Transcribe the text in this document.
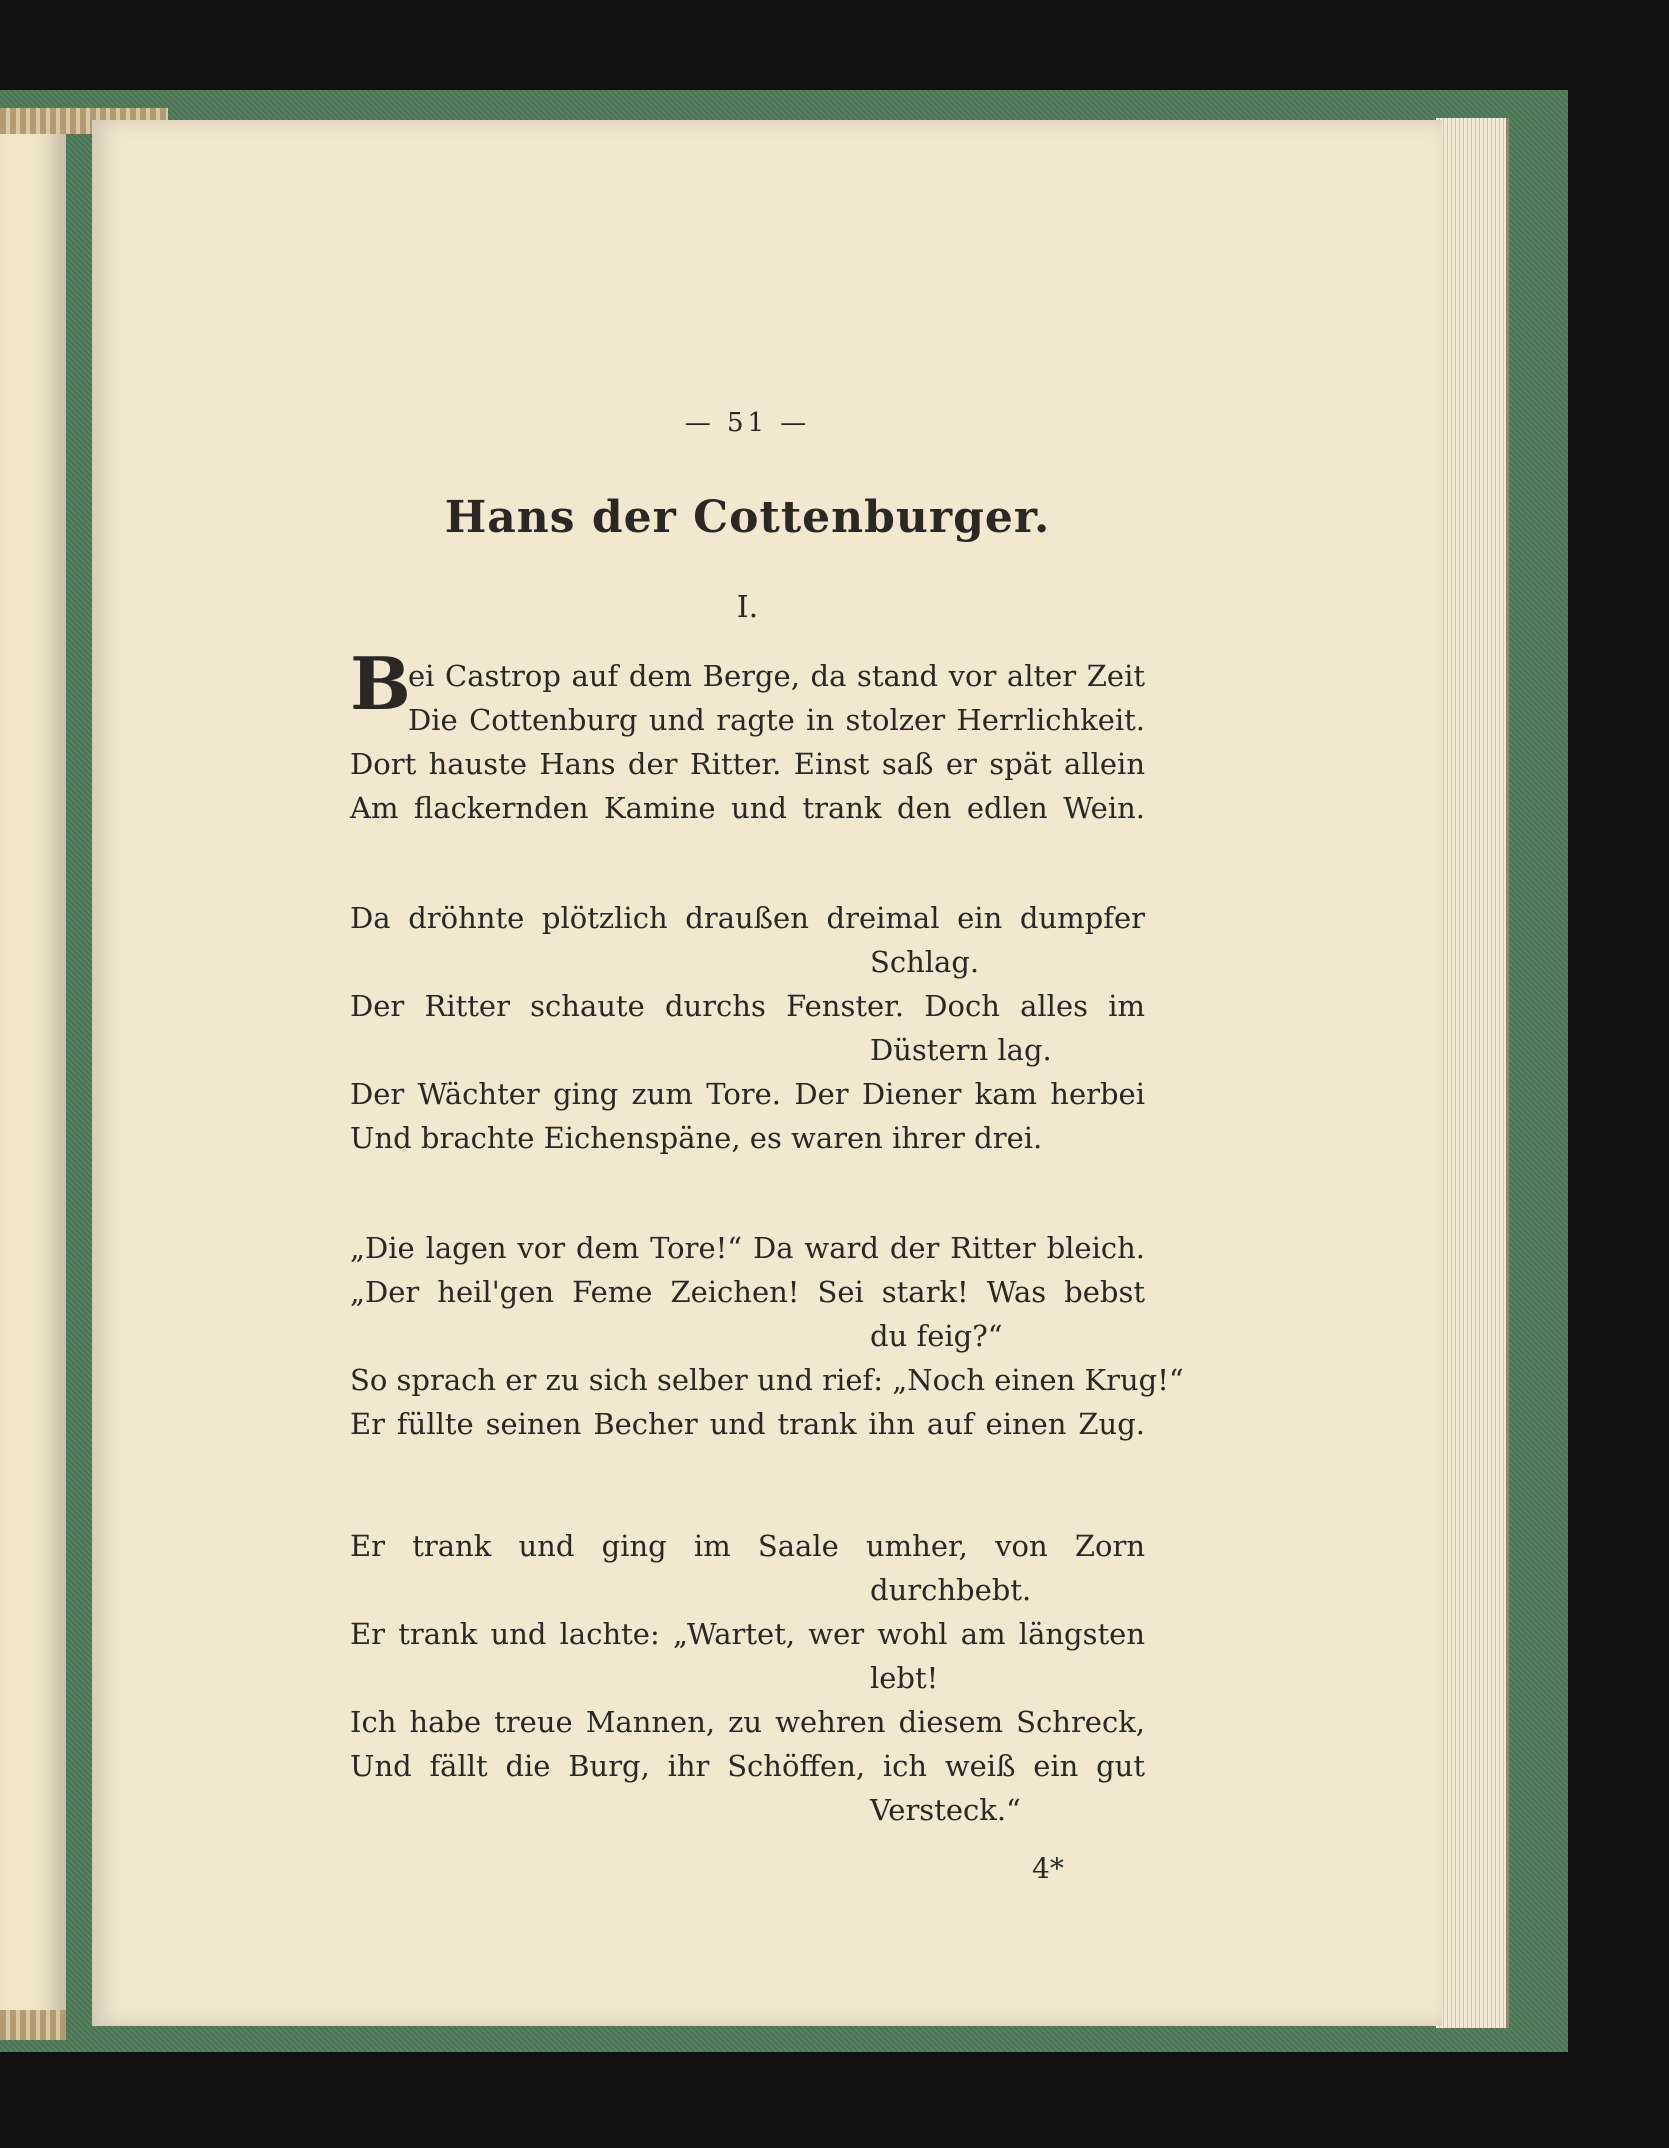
— 51 —
Hans der Cottenburger.
I.
B
ei Castrop auf dem Berge, da stand vor alter Zeit
Die Cottenburg und ragte in stolzer Herrlichkeit.
Dort hauste Hans der Ritter. Einst saß er spät allein
Am flackernden Kamine und trank den edlen Wein.
Da dröhnte plötzlich draußen dreimal ein dumpfer
Schlag.
Der Ritter schaute durchs Fenster. Doch alles im
Düstern lag.
Der Wächter ging zum Tore. Der Diener kam herbei
Und brachte Eichenspäne, es waren ihrer drei.
„Die lagen vor dem Tore!“ Da ward der Ritter bleich.
„Der heil'gen Feme Zeichen! Sei stark! Was bebst
du feig?“
So sprach er zu sich selber und rief: „Noch einen Krug!“
Er füllte seinen Becher und trank ihn auf einen Zug.
Er trank und ging im Saale umher, von Zorn
durchbebt.
Er trank und lachte: „Wartet, wer wohl am längsten
lebt!
Ich habe treue Mannen, zu wehren diesem Schreck,
Und fällt die Burg, ihr Schöffen, ich weiß ein gut
Versteck.“
4*
